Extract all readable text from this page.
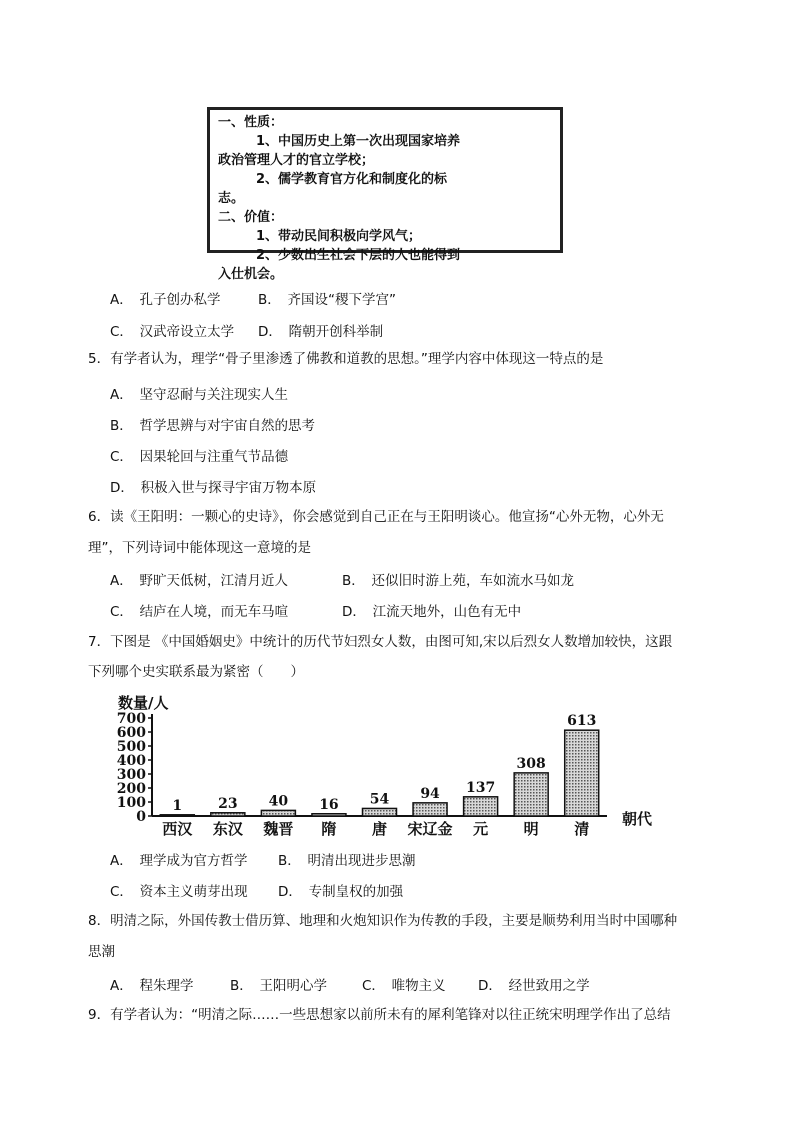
一、性质：
1、中国历史上第一次出现国家培养
政治管理人才的官立学校；
2、儒学教育官方化和制度化的标
志。
二、价值：
1、带动民间积极向学风气；
2、少数出生社会下层的人也能得到
入仕机会。
A．　孔子创办私学	B．　齐国设“稷下学宫”
C．　汉武帝设立太学 D．　隋朝开创科举制
5．有学者认为，理学“骨子里渗透了佛教和道教的思想。”理学内容中体现这一特点的是
A．　坚守忍耐与关注现实人生
B．　哲学思辨与对宇宙自然的思考
C．　因果轮回与注重气节品德
D．　积极入世与探寻宇宙万物本原
6．读《王阳明：一颗心的史诗》，你会感觉到自己正在与王阳明谈心。他宣扬“心外无物，心外无
理”，下列诗词中能体现这一意境的是
A．　野旷天低树，江清月近人	B．　还似旧时游上苑，车如流水马如龙
C．　结庐在人境，而无车马喧	D．　江流天地外，山色有无中
7．下图是 《中国婚姻史》中统计的历代节妇烈女人数，由图可知,宋以后烈女人数增加较快，这跟
下列哪个史实联系最为紧密（　　）
数量/人
朝代
0
100
200
300
400
500
600
700
1
西汉
23
东汉
40
魏晋
16
隋
54
唐
94
宋辽金
137
元
308
明
613
清
A．　理学成为官方哲学 B．　明清出现进步思潮
C．　资本主义萌芽出现 D．　专制皇权的加强
8．明清之际，外国传教士借历算、地理和火炮知识作为传教的手段，主要是顺势利用当时中国哪种
思潮
A．　程朱理学	B．　王阳明心学	C．　唯物主义 D．　经世致用之学
9．有学者认为：“明清之际……一些思想家以前所未有的犀利笔锋对以往正统宋明理学作出了总结
